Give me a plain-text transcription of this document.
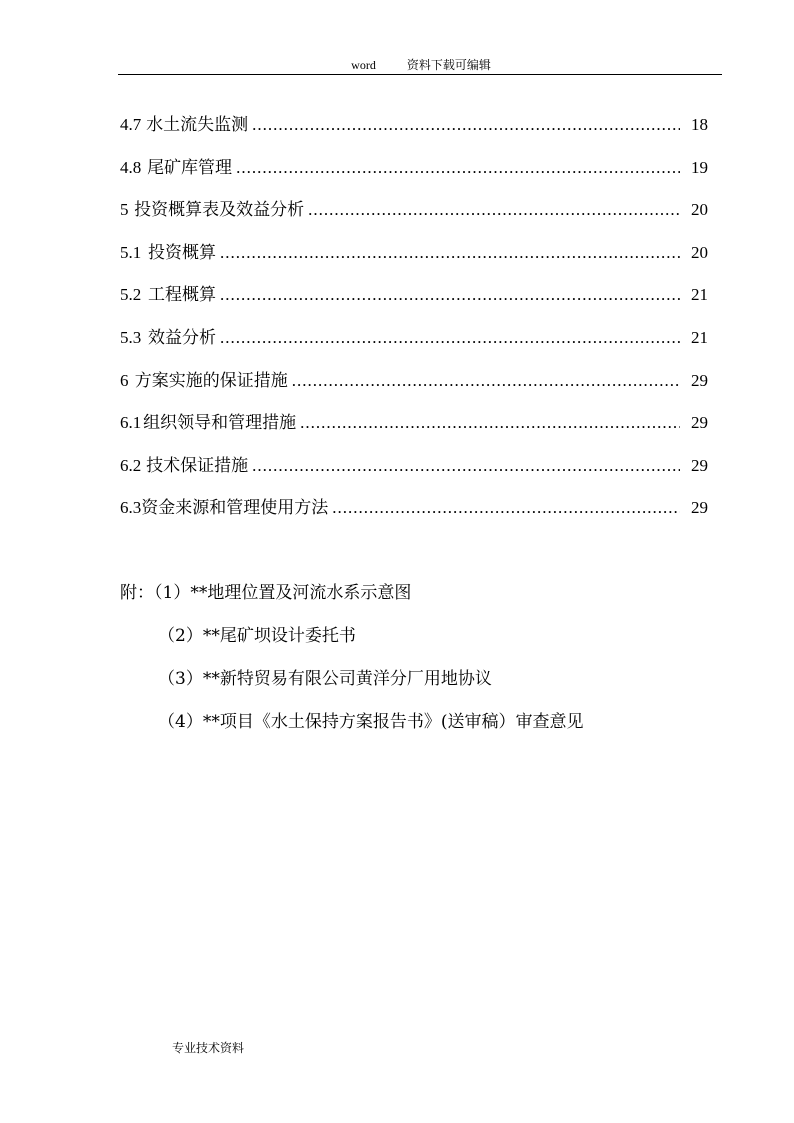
word	资料下载可编辑
4.7 水土流失监测 .....	18
4.8 尾矿库管理 .....	19
5 投资概算表及效益分析 .....	20
5.1 投资概算 .....	20
5.2 工程概算 .....	21
5.3 效益分析 .....	21
6 方案实施的保证措施 .....	29
6.1 组织领导和管理措施 .....	29
6.2 技术保证措施 .....	29
6.3 资金来源和管理使用方法 .....	29
附：（1）**地理位置及河流水系示意图
（2）**尾矿坝设计委托书
（3）**新特贸易有限公司黄洋分厂用地协议
（4）**项目《水土保持方案报告书》(送审稿）审查意见
专业技术资料
